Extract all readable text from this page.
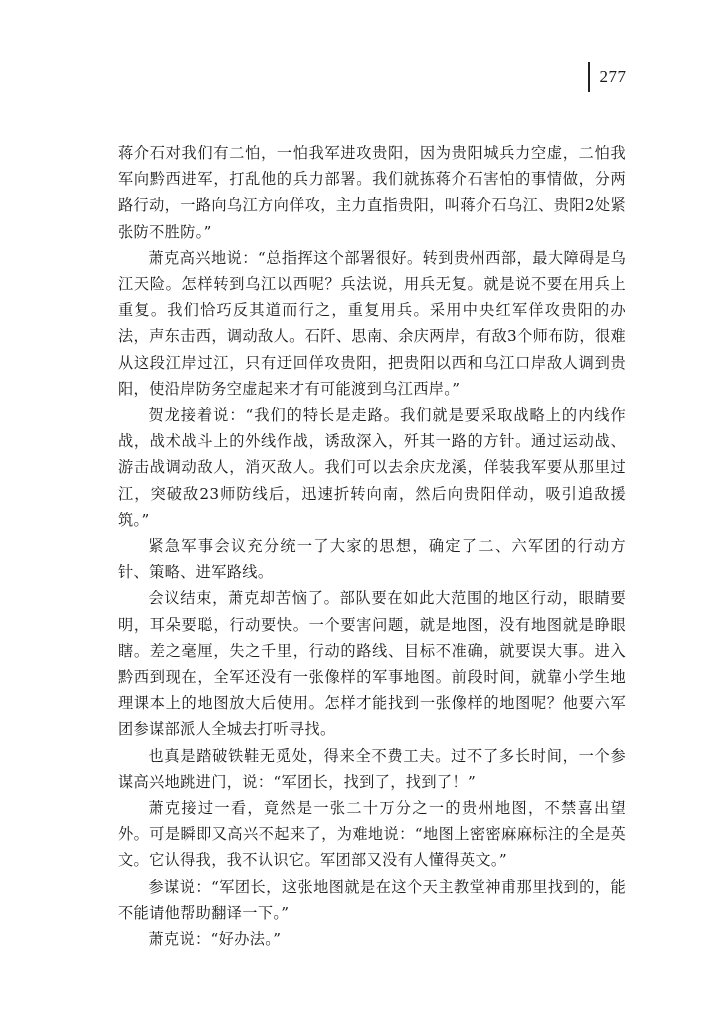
277

蒋介石对我们有二怕，一怕我军进攻贵阳，因为贵阳城兵力空虚，二怕我军向黔西进军，打乱他的兵力部署。我们就拣蒋介石害怕的事情做，分两路行动，一路向乌江方向佯攻，主力直指贵阳，叫蒋介石乌江、贵阳2处紧张防不胜防。”

萧克高兴地说：“总指挥这个部署很好。转到贵州西部，最大障碍是乌江天险。怎样转到乌江以西呢？兵法说，用兵无复。就是说不要在用兵上重复。我们恰巧反其道而行之，重复用兵。采用中央红军佯攻贵阳的办法，声东击西，调动敌人。石阡、思南、余庆两岸，有敌3个师布防，很难从这段江岸过江，只有迂回佯攻贵阳，把贵阳以西和乌江口岸敌人调到贵阳，使沿岸防务空虚起来才有可能渡到乌江西岸。”

贺龙接着说：“我们的特长是走路。我们就是要采取战略上的内线作战，战术战斗上的外线作战，诱敌深入，歼其一路的方针。通过运动战、游击战调动敌人，消灭敌人。我们可以去余庆龙溪，佯装我军要从那里过江，突破敌23师防线后，迅速折转向南，然后向贵阳佯动，吸引追敌援筑。”

紧急军事会议充分统一了大家的思想，确定了二、六军团的行动方针、策略、进军路线。

会议结束，萧克却苦恼了。部队要在如此大范围的地区行动，眼睛要明，耳朵要聪，行动要快。一个要害问题，就是地图，没有地图就是睁眼瞎。差之毫厘，失之千里，行动的路线、目标不准确，就要误大事。进入黔西到现在，全军还没有一张像样的军事地图。前段时间，就靠小学生地理课本上的地图放大后使用。怎样才能找到一张像样的地图呢？他要六军团参谋部派人全城去打听寻找。

也真是踏破铁鞋无觅处，得来全不费工夫。过不了多长时间，一个参谋高兴地跳进门，说：“军团长，找到了，找到了！”

萧克接过一看，竟然是一张二十万分之一的贵州地图，不禁喜出望外。可是瞬即又高兴不起来了，为难地说：“地图上密密麻麻标注的全是英文。它认得我，我不认识它。军团部又没有人懂得英文。”

参谋说：“军团长，这张地图就是在这个天主教堂神甫那里找到的，能不能请他帮助翻译一下。”

萧克说：“好办法。”
